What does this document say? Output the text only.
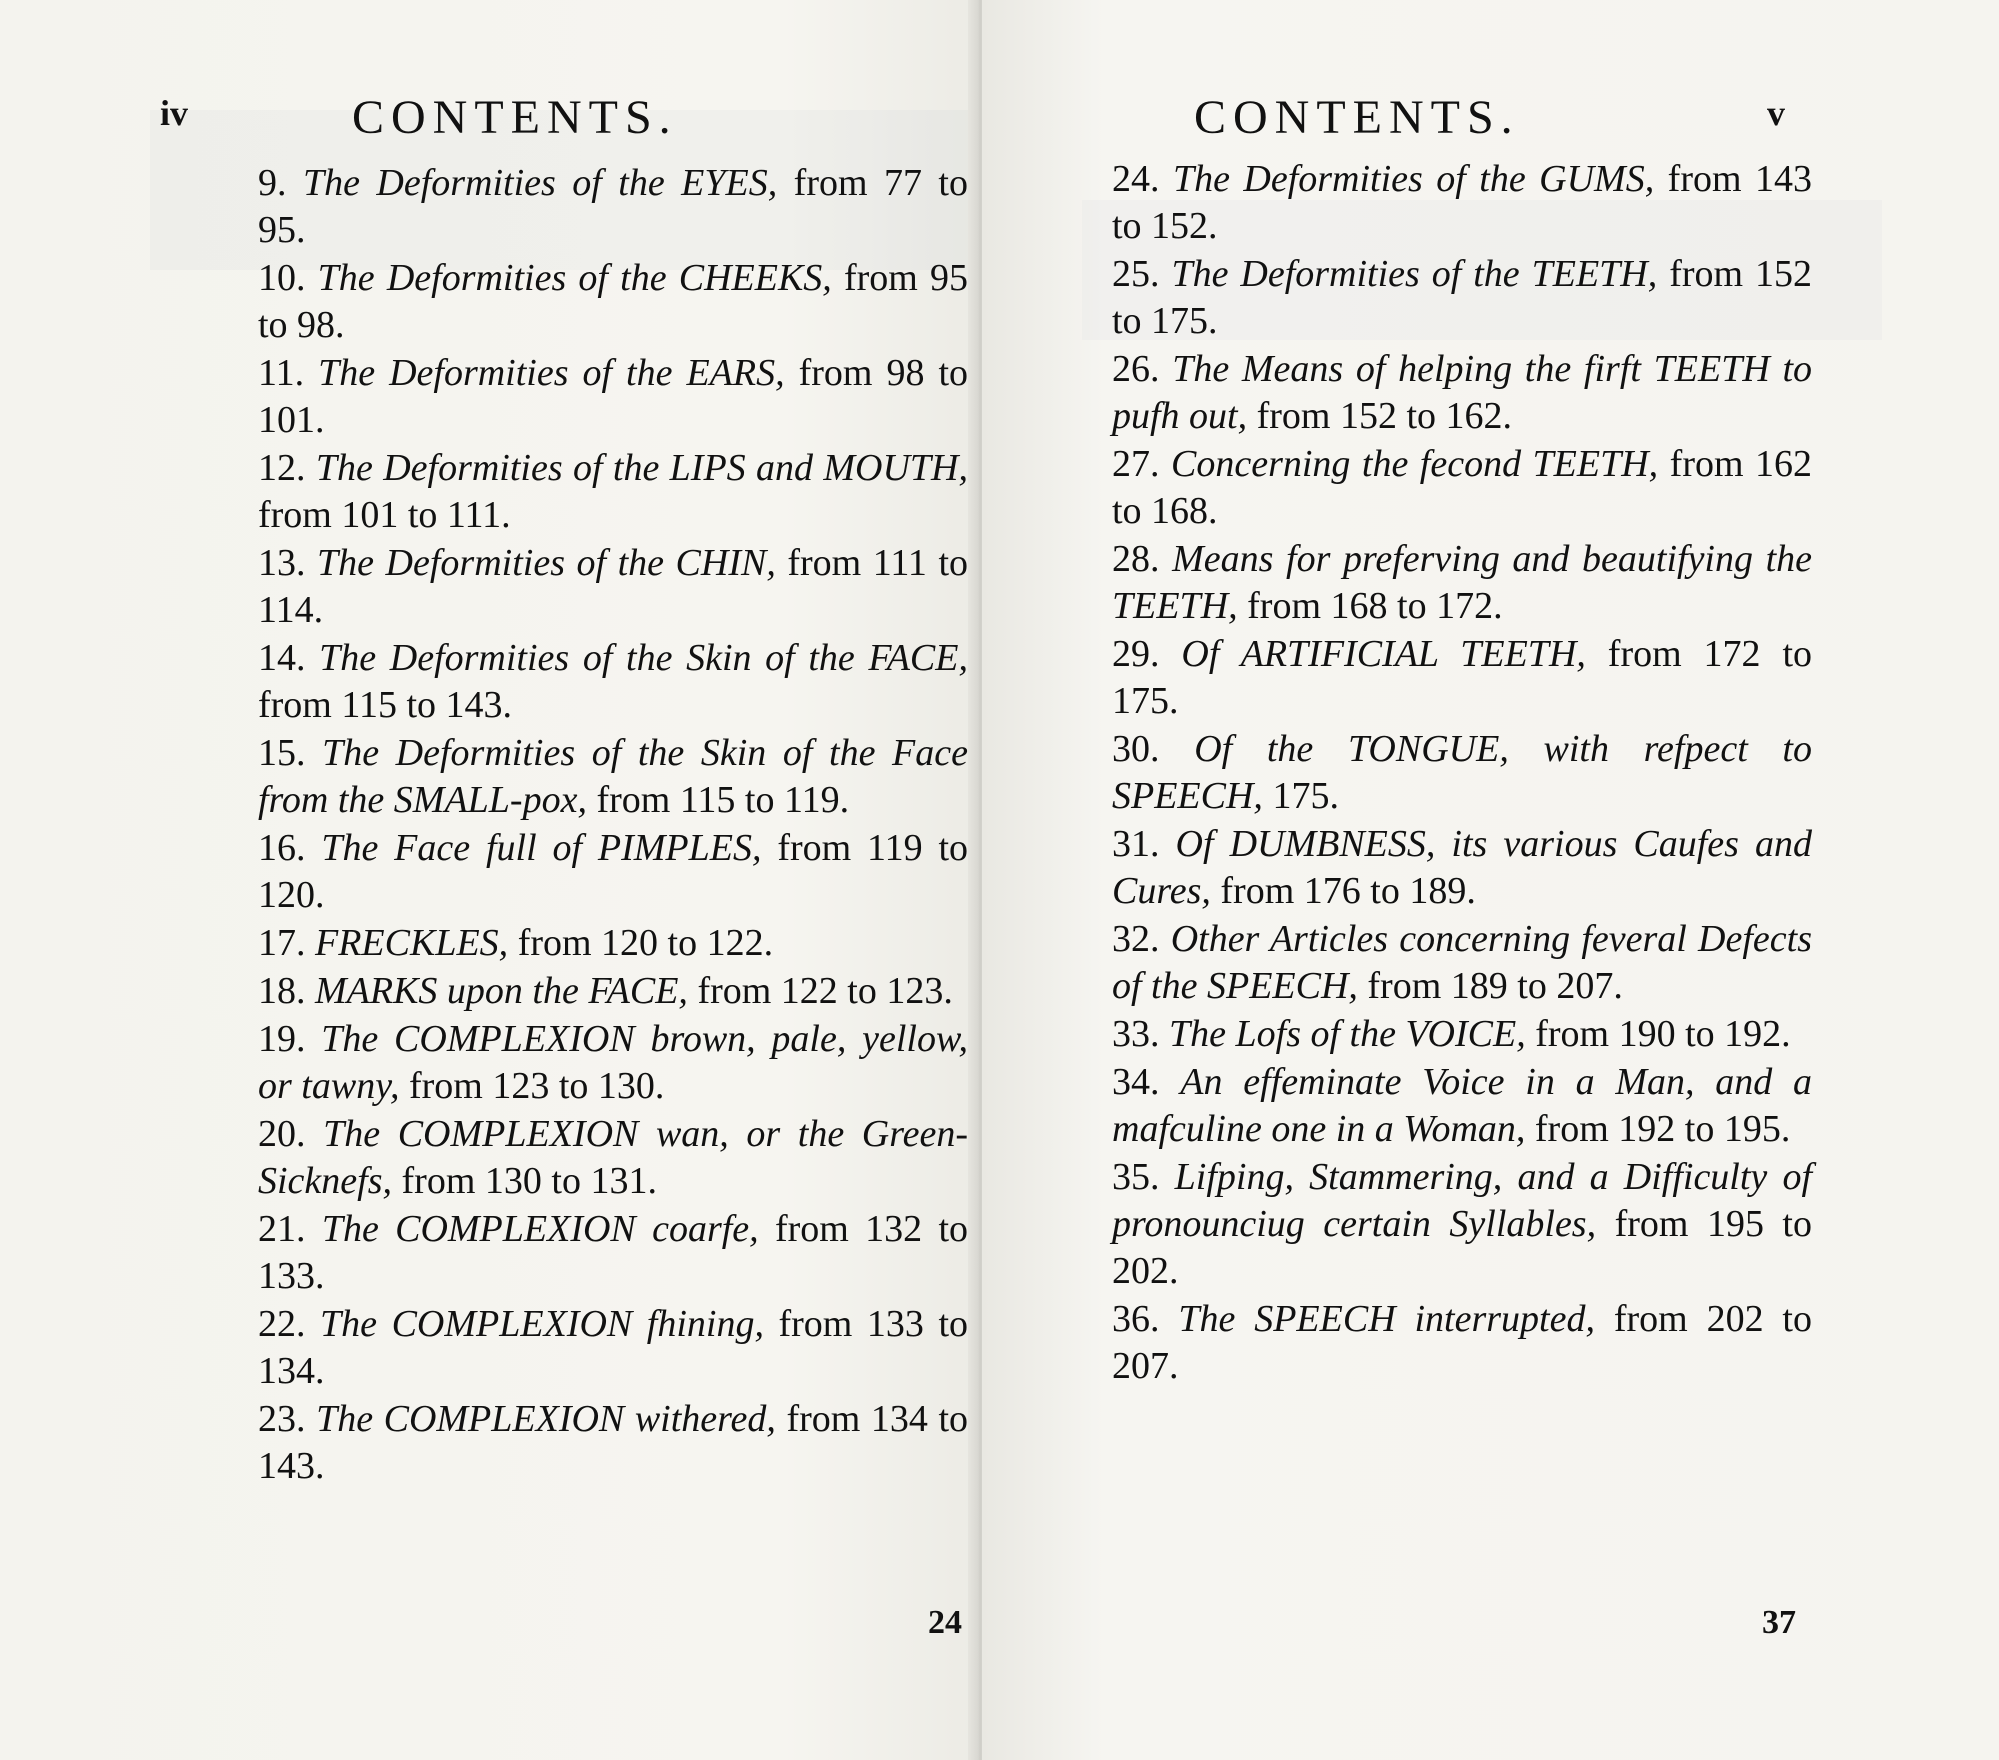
iv	CONTENTS.
9. The Deformities of the EYES, from 77 to 95.
10. The Deformities of the CHEEKS, from 95 to 98.
11. The Deformities of the EARS, from 98 to 101.
12. The Deformities of the LIPS and MOUTH, from 101 to 111.
13. The Deformities of the CHIN, from 111 to 114.
14. The Deformities of the Skin of the FACE, from 115 to 143.
15. The Deformities of the Skin of the Face from the SMALL-pox, from 115 to 119.
16. The Face full of PIMPLES, from 119 to 120.
17. FRECKLES, from 120 to 122.
18. MARKS upon the FACE, from 122 to 123.
19. The COMPLEXION brown, pale, yellow, or tawny, from 123 to 130.
20. The COMPLEXION wan, or the Green-Sicknefs, from 130 to 131.
21. The COMPLEXION coarfe, from 132 to 133.
22. The COMPLEXION fhining, from 133 to 134.
23. The COMPLEXION withered, from 134 to 143.
24
CONTENTS.	v
24. The Deformities of the GUMS, from 143 to 152.
25. The Deformities of the TEETH, from 152 to 175.
26. The Means of helping the firft TEETH to pufh out, from 152 to 162.
27. Concerning the fecond TEETH, from 162 to 168.
28. Means for preferving and beautifying the TEETH, from 168 to 172.
29. Of ARTIFICIAL TEETH, from 172 to 175.
30. Of the TONGUE, with refpect to SPEECH, 175.
31. Of DUMBNESS, its various Caufes and Cures, from 176 to 189.
32. Other Articles concerning feveral Defects of the SPEECH, from 189 to 207.
33. The Lofs of the VOICE, from 190 to 192.
34. An effeminate Voice in a Man, and a mafculine one in a Woman, from 192 to 195.
35. Lifping, Stammering, and a Difficulty of pronounciug certain Syllables, from 195 to 202.
36. The SPEECH interrupted, from 202 to 207.
37
